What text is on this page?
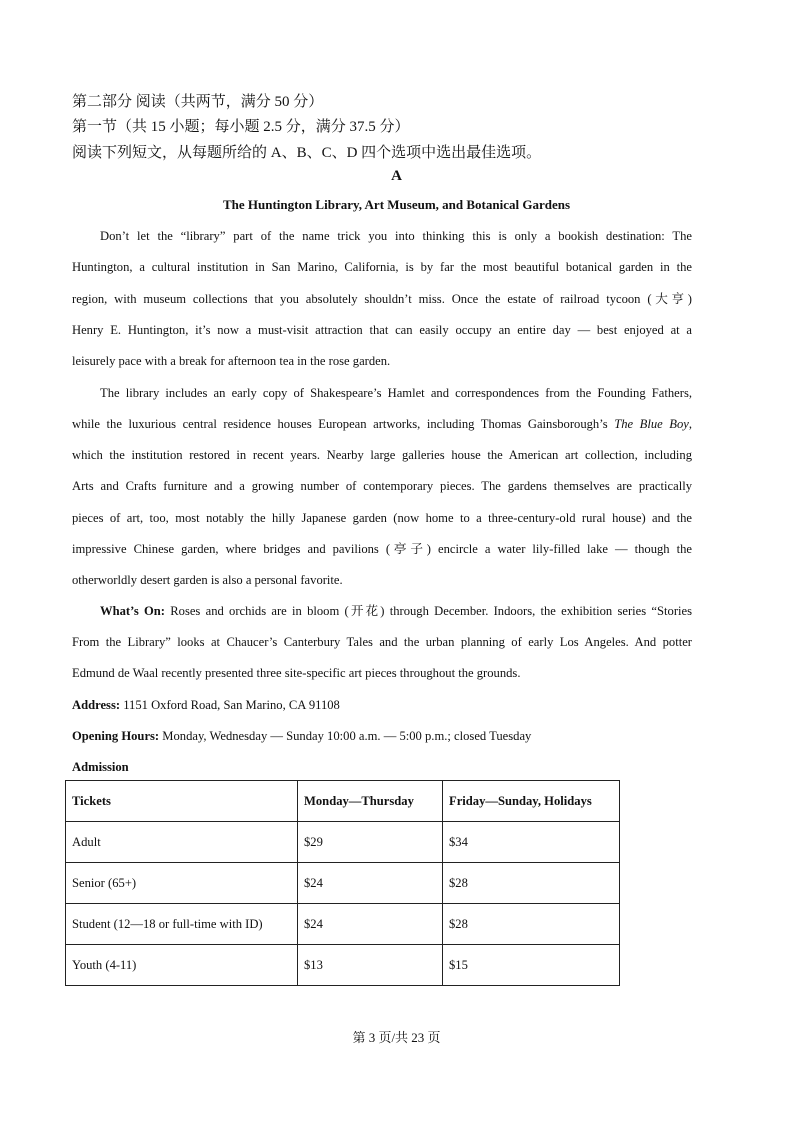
第二部分 阅读（共两节，满分 50 分）
第一节（共 15 小题；每小题 2.5 分，满分 37.5 分）
阅读下列短文，从每题所给的 A、B、C、D 四个选项中选出最佳选项。
A
The Huntington Library, Art Museum, and Botanical Gardens
Don’t let the “library” part of the name trick you into thinking this is only a bookish destination: The
Huntington, a cultural institution in San Marino, California, is by far the most beautiful botanical garden in the
region, with museum collections that you absolutely shouldn’t miss. Once the estate of railroad tycoon (大亨)
Henry E. Huntington, it’s now a must-visit attraction that can easily occupy an entire day — best enjoyed at a
leisurely pace with a break for afternoon tea in the rose garden.
The library includes an early copy of Shakespeare’s Hamlet and correspondences from the Founding Fathers,
while the luxurious central residence houses European artworks, including Thomas Gainsborough’s The Blue Boy,
which the institution restored in recent years. Nearby large galleries house the American art collection, including
Arts and Crafts furniture and a growing number of contemporary pieces. The gardens themselves are practically
pieces of art, too, most notably the hilly Japanese garden (now home to a three-century-old rural house) and the
impressive Chinese garden, where bridges and pavilions (亭子) encircle a water lily-filled lake — though the
otherworldly desert garden is also a personal favorite.
What’s On: Roses and orchids are in bloom (开花) through December. Indoors, the exhibition series “Stories
From the Library” looks at Chaucer’s Canterbury Tales and the urban planning of early Los Angeles. And potter
Edmund de Waal recently presented three site-specific art pieces throughout the grounds.
Address: 1151 Oxford Road, San Marino, CA 91108
Opening Hours: Monday, Wednesday — Sunday 10:00 a.m. — 5:00 p.m.; closed Tuesday
Admission
Tickets	Monday—Thursday	Friday—Sunday, Holidays
Adult	$29	$34
Senior (65+)	$24	$28
Student (12—18 or full-time with ID)	$24	$28
Youth (4-11)	$13	$15
第 3 页/共 23 页
